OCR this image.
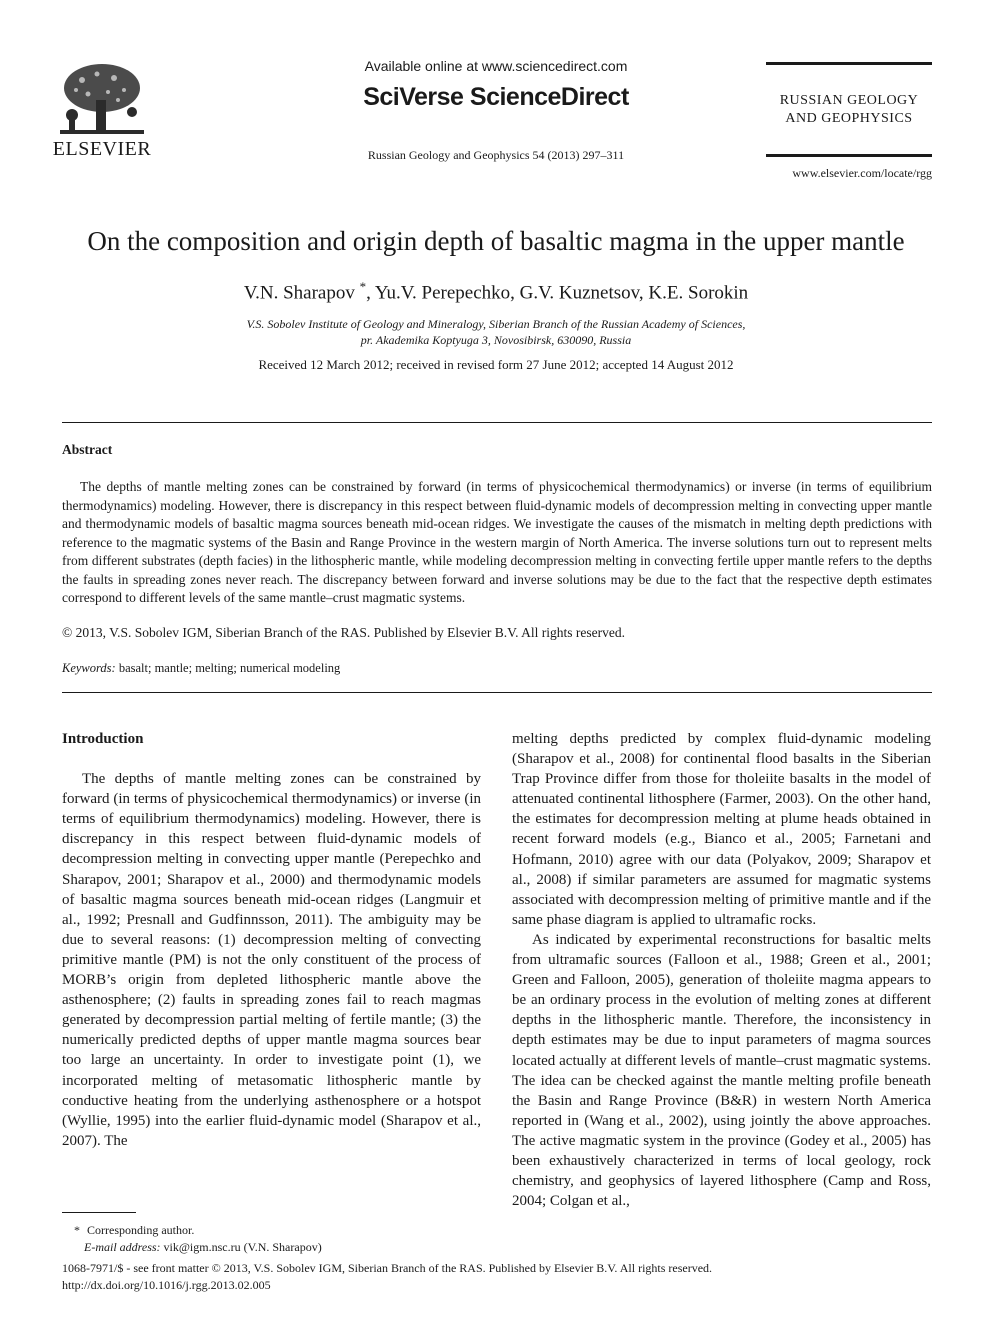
ELSEVIER
Available online at www.sciencedirect.com
SciVerse ScienceDirect
Russian Geology and Geophysics 54 (2013) 297–311
RUSSIAN GEOLOGY
AND GEOPHYSICS
www.elsevier.com/locate/rgg
On the composition and origin depth of basaltic magma in the upper mantle
V.N. Sharapov *, Yu.V. Perepechko, G.V. Kuznetsov, K.E. Sorokin
V.S. Sobolev Institute of Geology and Mineralogy, Siberian Branch of the Russian Academy of Sciences,
pr. Akademika Koptyuga 3, Novosibirsk, 630090, Russia
Received 12 March 2012; received in revised form 27 June 2012; accepted 14 August 2012
Abstract
The depths of mantle melting zones can be constrained by forward (in terms of physicochemical thermodynamics) or inverse (in terms of equilibrium thermodynamics) modeling. However, there is discrepancy in this respect between fluid-dynamic models of decompression melting in convecting upper mantle and thermodynamic models of basaltic magma sources beneath mid-ocean ridges. We investigate the causes of the mismatch in melting depth predictions with reference to the magmatic systems of the Basin and Range Province in the western margin of North America. The inverse solutions turn out to represent melts from different substrates (depth facies) in the lithospheric mantle, while modeling decompression melting in convecting fertile upper mantle refers to the depths the faults in spreading zones never reach. The discrepancy between forward and inverse solutions may be due to the fact that the respective depth estimates correspond to different levels of the same mantle–crust magmatic systems.
© 2013, V.S. Sobolev IGM, Siberian Branch of the RAS. Published by Elsevier B.V. All rights reserved.
Keywords: basalt; mantle; melting; numerical modeling
Introduction

The depths of mantle melting zones can be constrained by forward (in terms of physicochemical thermodynamics) or inverse (in terms of equilibrium thermodynamics) modeling. However, there is discrepancy in this respect between fluid-dynamic models of decompression melting in convecting upper mantle (Perepechko and Sharapov, 2001; Sharapov et al., 2000) and thermodynamic models of basaltic magma sources beneath mid-ocean ridges (Langmuir et al., 1992; Presnall and Gudfinnsson, 2011). The ambiguity may be due to several reasons: (1) decompression melting of convecting primitive mantle (PM) is not the only constituent of the process of MORB’s origin from depleted lithospheric mantle above the asthenosphere; (2) faults in spreading zones fail to reach magmas generated by decompression partial melting of fertile mantle; (3) the numerically predicted depths of upper mantle magma sources bear too large an uncertainty. In order to investigate point (1), we incorporated melting of metasomatic lithospheric mantle by conductive heating from the underlying asthenosphere or a hotspot (Wyllie, 1995) into the earlier fluid-dynamic model (Sharapov et al., 2007). The

melting depths predicted by complex fluid-dynamic modeling (Sharapov et al., 2008) for continental flood basalts in the Siberian Trap Province differ from those for tholeiite basalts in the model of attenuated continental lithosphere (Farmer, 2003). On the other hand, the estimates for decompression melting at plume heads obtained in recent forward models (e.g., Bianco et al., 2005; Farnetani and Hofmann, 2010) agree with our data (Polyakov, 2009; Sharapov et al., 2008) if similar parameters are assumed for magmatic systems associated with decompression melting of primitive mantle and if the same phase diagram is applied to ultramafic rocks.

As indicated by experimental reconstructions for basaltic melts from ultramafic sources (Falloon et al., 1988; Green et al., 2001; Green and Falloon, 2005), generation of tholeiite magma appears to be an ordinary process in the evolution of melting zones at different depths in the lithospheric mantle. Therefore, the inconsistency in depth estimates may be due to input parameters of magma sources located actually at different levels of mantle–crust magmatic systems. The idea can be checked against the mantle melting profile beneath the Basin and Range Province (B&R) in western North America reported in (Wang et al., 2002), using jointly the above approaches. The active magmatic system in the province (Godey et al., 2005) has been exhaustively characterized in terms of local geology, rock chemistry, and geophysics of layered lithosphere (Camp and Ross, 2004; Colgan et al.,

* Corresponding author.
E-mail address: vik@igm.nsc.ru (V.N. Sharapov)
1068-7971/$ - see front matter © 2013, V.S. Sobolev IGM, Siberian Branch of the RAS. Published by Elsevier B.V. All rights reserved.
http://dx.doi.org/10.1016/j.rgg.2013.02.005
